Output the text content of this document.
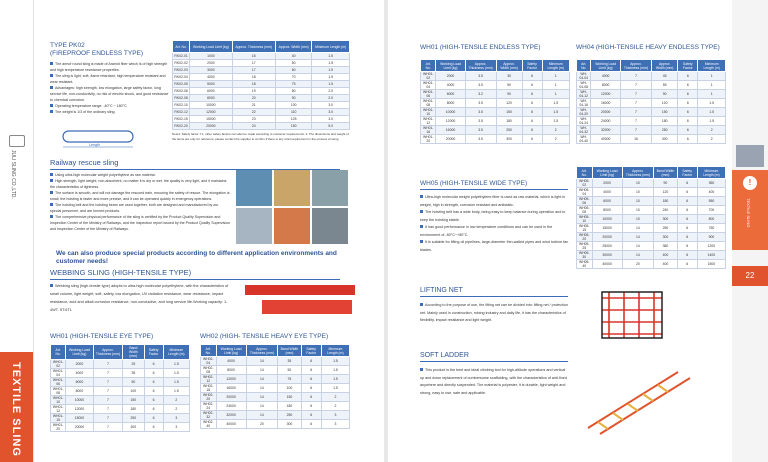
JULI SLING CO.,LTD.
TEXTILE SLING
TYPE PK02
(FIREPROOF ENDLESS TYPE)
The armof round sling is made of Aramid fiber which is of high strength and high temperature resistance properties.
The sling is light, soft, flame retardant, high temperature resistant and wear resistant.
Advantages: high strength, low elongation, large safety factor, long service life, non-conductivity, no risk of electric shock, and good resistance to chemical corrosion.
Operating temperature range: -40°C ~ 180°C
The weight is 1/3 of the ordinary sling.
Length
Art. No.	Working Load Limit (kg)	Approx. Thickness (mm)	Approx. Width (mm)	Minimum Length (m)
RK02-01	1000	16	40	1.5
RK02-02	2000	17	50	1.5
RK02-03	3000	17	60	1.5
RK02-04	4000	18	70	1.5
RK02-05	5000	18	75	1.5
RK02-06	6000	19	80	2.0
RK02-08	8000	20	90	2.0
RK02-10	10000	21	100	3.0
RK02-12	12000	22	110	3.0
RK02-15	15000	23	125	3.0
RK02-20	20000	24	150	5.0
Note1: Safety factor 7:1, other safety factors can also be made according to customer requirements. 2. The dimensions and weight of the items are only for reference, please contact the supplier to confirm if there is any strict requirement in the process of using.
Railway rescue sling
Using ultra-high molecular weight polyethylene as raw material.
High strength, light weight, non-absorbent, no matter it is dry or wet, the quality is very light, and it maintains the characteristics of lightness.
The surface is smooth, and will not damage the rescued train, ensuring the safety of rescue. The elongation is small, the hoisting is faster and more precise, and it can be operated quickly in emergency operations.
The hoisting belt and the hoisting beam are used together, both are designed and manufactured by our special personnel, and are formed products.
The comprehensive physical performance of the sling is certified by the Product Quality Supervision and Inspection Center of the Ministry of Railways, and the inspection report issued by the Product Quality Supervision and Inspection Center of the Ministry of Railways.
We can also produce special products according to different application environments and customer needs!
WEBBING SLING (HIGH-TENSILE TYPE)
Webbing sling (high-tensile type) adopts to ultra-high molecular polyethylene, with the characteristics of small volume, light weight, soft, safety, low elongation, UV radiation resistance, wear resistance, impact resistance, acid and alkali corrosion resistance, non-conductive, and long service life.Working capacity: 1-4WT. ST:6T1
WH01 (HIGH-TENSILE EYE TYPE)
Art. No.	Working Load Limit (kg)	Approx. Thickness (mm)	Band Width (mm)	Safety Factor	Minimum Length (m)
WH01-02	2000	7	25	6	1.5
WH01-04	4000	7	35	6	1.5
WH01-06	6000	7	50	6	1.5
WH01-08	8000	7	100	6	1.5
WH01-10	10000	7	150	6	2
WH01-12	12000	7	180	6	2
WH01-15	15000	7	250	6	3
WH01-20	20000	7	300	6	3
WH02 (HIGH- TENSILE HEAVY EYE TYPE)
Art. No.	Working Load Limit (kg)	Approx. Thickness (mm)	Band Width (mm)	Safety Factor	Minimum Length (m)
WH02-04	4000	14	35	6	1.5
WH02-08	8000	14	50	6	1.5
WH02-12	12000	14	75	6	1.5
WH02-16	16000	14	100	6	1.5
WH02-20	20000	14	150	6	2
WH02-24	24000	14	180	6	2
WH02-32	32000	14	250	6	3
WH02-40	40000	20	300	6	3
WH01 (HIGH-TENSILE ENDLESS TYPE)
Art. No.	Working Load Limit (kg)	Approx. Thickness (mm)	Approx. Width (mm)	Safety Factor	Minimum Length (m)
WH01-02	2000	3.5	30	6	1
WH01-04	4000	3.5	50	6	1
WH01-06	6000	3.2	90	6	1
WH01-08	8000	3.5	120	6	1.5
WH01-10	10000	3.5	150	6	1.5
WH01-12	12000	3.5	180	6	1.5
WH01-16	16000	3.5	250	6	2
WH01-20	20000	3.5	300	6	2
WH04 (HIGH-TENSILE HEAVY ENDLESS TYPE)
Art. No.	Working Load Limit (kg)	Approx. Thickness (mm)	Approx. Width (mm)	Safety Factor	Minimum Length (m)
WH-04-04	4000	7	45	6	1
WH-04-08	8000	7	55	6	1
WH-04-12	12000	7	90	6	1
WH-04-16	16000	7	120	6	1.5
WH-04-20	20000	7	150	6	1.5
WH-04-24	24000	7	180	6	1.5
WH-04-32	32000	7	250	6	2
WH-04-40	40000	16	300	6	2
WH05 (HIGH-TENSILE WIDE TYPE)
Ultra-high molecular weight polyethylene fiber is used as raw material, which is light in weight, high in strength, corrosion resistant and antistatic.
The hoisting belt has a wide body, being easy to keep balance during operation and to keep the hoisting stable.
It has good performance in low temperature conditions and can be used in the environment of -80°C~+80°C.
It is suitable for lifting oil pipelines, large-diameter thin-walled pipes and wind turbine fan blades.
Art. No.	Working Load Limit (kg)	Approx. Thickness (mm)	Band Width (mm)	Safety Factor	Minimum Length (m)
WH05-02	2000	10	90	6	350
WH05-04	4000	10	120	6	400
WH05-06	6000	10	180	6	550
WH05-08	8000	10	240	6	700
WH05-10	10000	10	300	6	800
WH05-15	15000	14	250	6	750
WH05-20	20000	14	300	6	900
WH05-25	25000	14	380	6	1200
WH05-30	30000	14	400	6	1400
WH05-40	40000	20	400	6	1500
LIFTING NET
According to the purpose of use, the lifting net can be divided into: lifting net / protection net. Mainly used in construction, mining industry and daily life, it has the characteristics of flexibility, impact resistance and light weight.
SOFT LADDER
This product is the best and ideal climbing tool for high-altitude operations and vertical up and down replacement of cumbersome scaffolding, with the characteristics of anti-fixed anywhere and directly suspended. The material is polyester, it is durable, light weight and strong, easy to use, safe and applicable.
!
TEXTILE SLING
22
